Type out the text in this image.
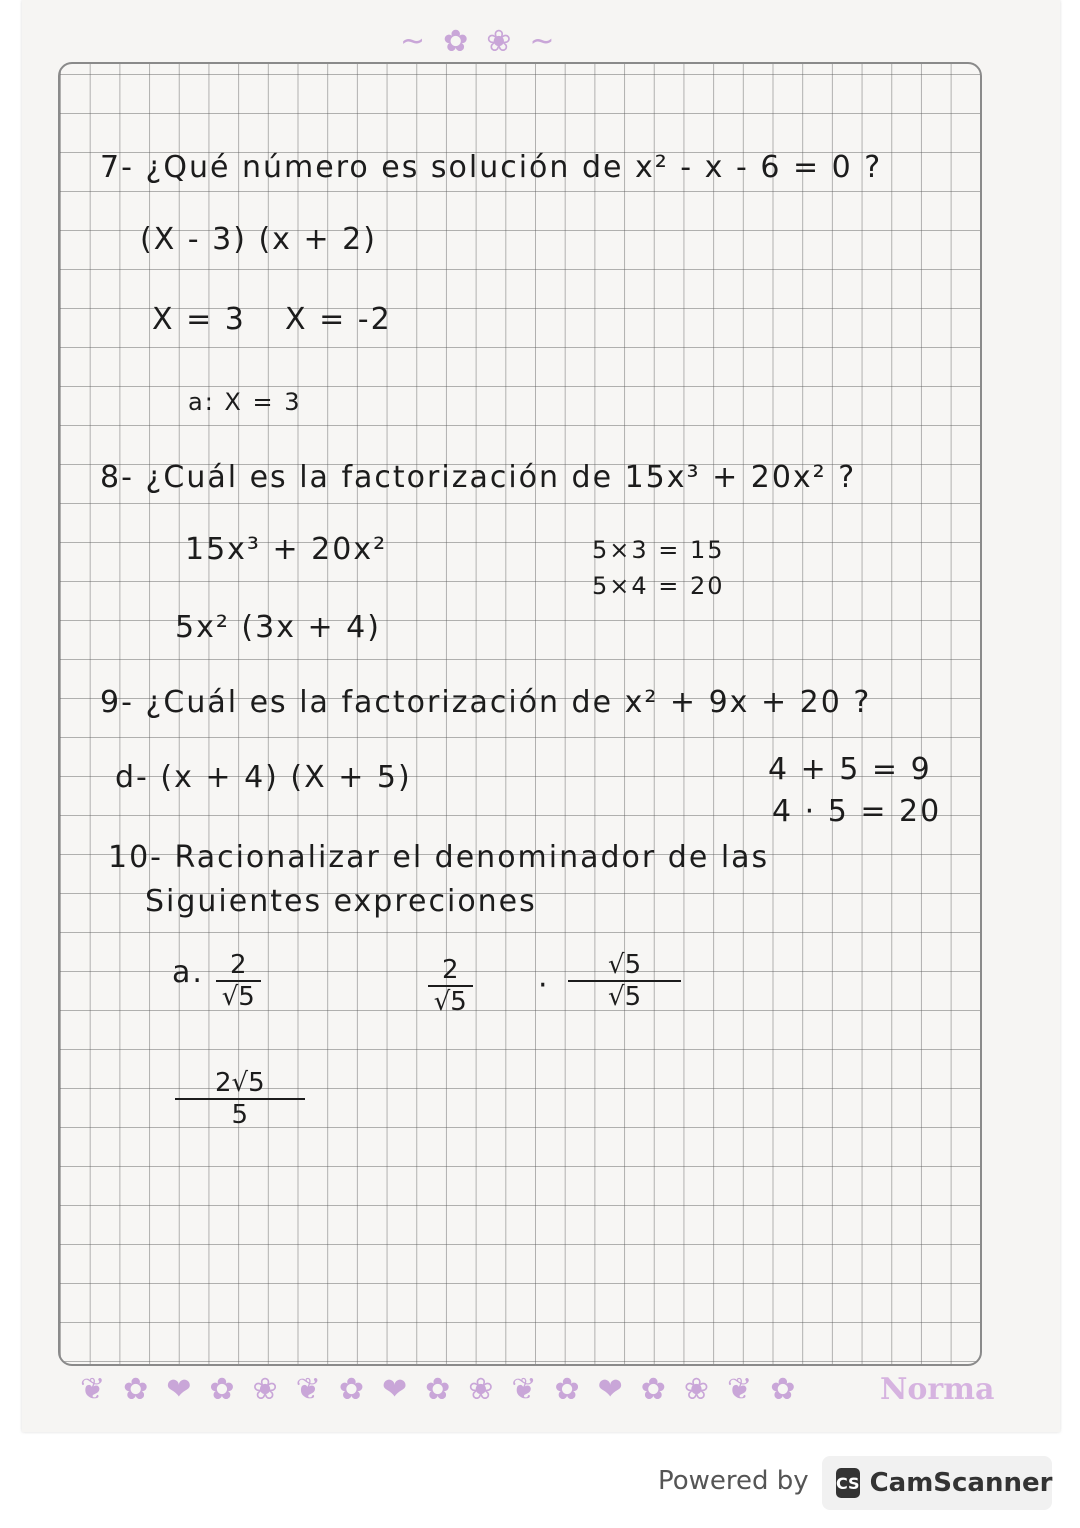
~✿❀~
7- ¿Qué número es solución de x² - x - 6 = 0 ?
(X - 3) (x + 2)
X = 3 X = -2
a: X = 3
8- ¿Cuál es la factorización de 15x³ + 20x² ?
15x³ + 20x²	5×3 = 15
5×4 = 20
5x² (3x + 4)
9- ¿Cuál es la factorización de x² + 9x + 20 ?
d- (x + 4) (X + 5)	4 + 5 = 9
4 · 5 = 20
10- Racionalizar el denominador de las
Siguientes expreciones
a. $\frac{2}{√5}$	$\frac{2}{√5} \cdot \frac{√5}{√5}$
$\frac{2√5}{5}$
❦✿❤✿❀❦✿❤✿❀❦✿❤✿❀❦✿ Norma
Powered by CS CamScanner
